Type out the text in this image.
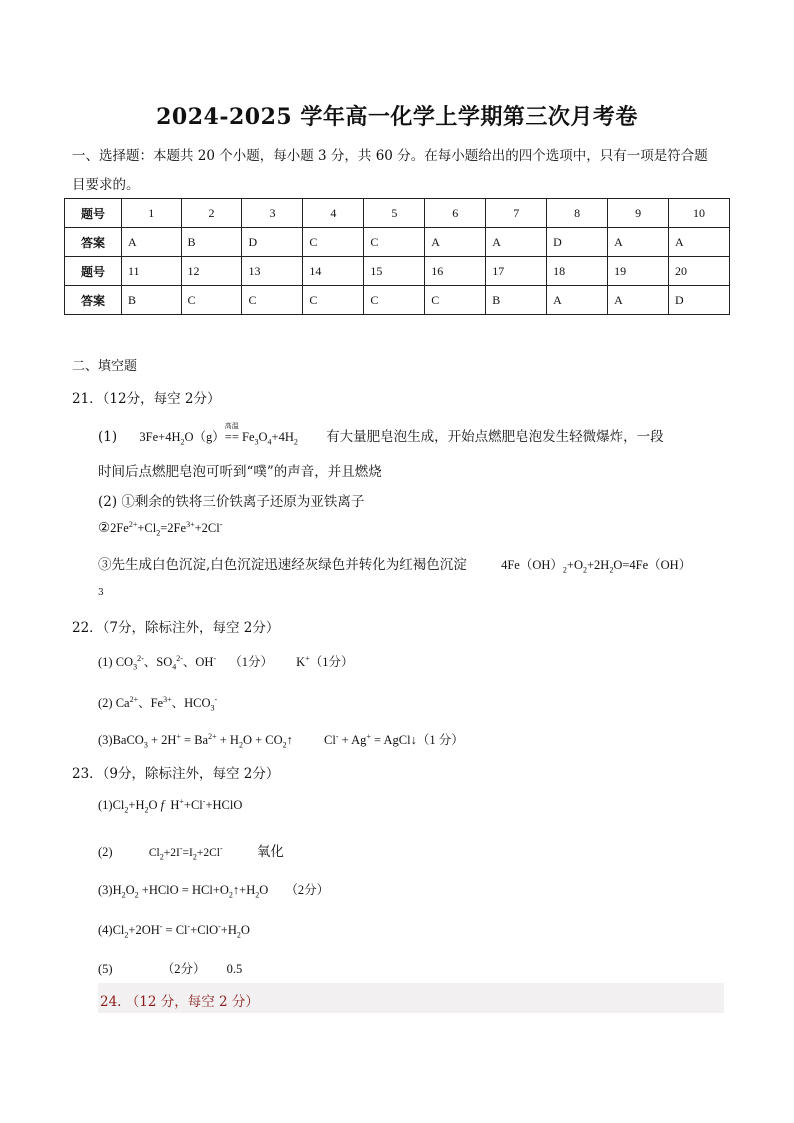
2024-2025 学年高一化学上学期第三次月考卷
一、选择题：本题共 20 个小题，每小题 3 分，共 60 分。在每小题给出的四个选项中，只有一项是符合题
目要求的。
题号	1	2	3	4	5	6	7	8	9	10
答案	A	B	D	C	C	A	A	D	A	A
题号	11	12	13	14	15	16	17	18	19	20
答案	B	C	C	C	C	C	B	A	A	D
二、填空题
21．（12分，每空 2分）
(1) $3Fe+4H_2O(g)$
高温
== $Fe_3O_4+4H_2$ 有大量肥皂泡生成，开始点燃肥皂泡发生轻微爆炸，一段
时间后点燃肥皂泡可听到“噗”的声音，并且燃烧
(2) ①剩余的铁将三价铁离子还原为亚铁离子
$②2Fe^{2+}+Cl_2=2Fe^{3+}+2Cl^-$
③先生成白色沉淀,白色沉淀迅速经灰绿色并转化为红褐色沉淀	$4Fe(OH)_2+O_2+2H_2O=4Fe(OH)$
3
22．（7分，除标注外，每空 2分）
(1) $CO_3^{2-}$、$SO_4^{2-}$、OH- （1分） K+（1分）
(2) $Ca^{2+}$、$Fe^{3+}$、$HCO_3^-$
(3)BaCO$_3$ + $2H^+ = Ba^{2+} + H_2O$ + $CO_2↑$ Cl- + Ag+ = AgCl↓（1 分）
23．（9分，除标注外，每空 2分）
$(1)Cl_2+H_2O$ f  H++Cl-+HClO
(2)	$Cl_2+2I^-=I_2+2Cl^-$	氧化
$(3)H_2O_2$ +HClO = $HCl+O_2↑+H_2O$ （2分）
$(4)Cl_2+2OH^- = Cl^-+ClO^-+H_2O$
(5)	（2分） 0.5
24. （12 分，每空 2 分）
